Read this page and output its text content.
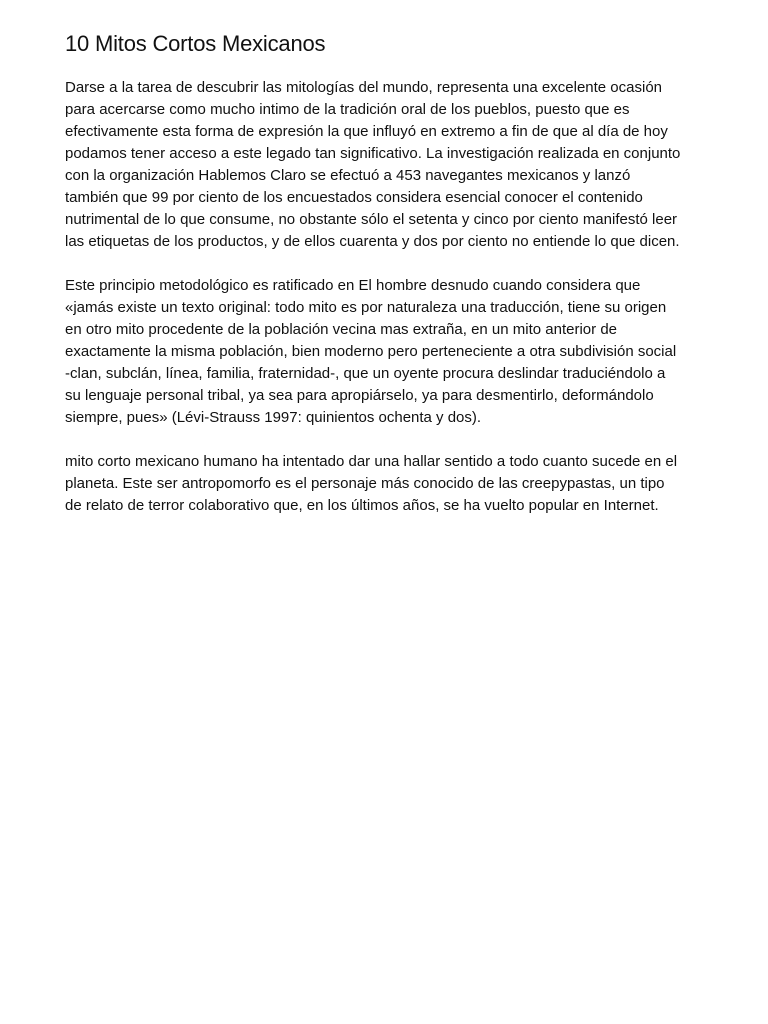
10 Mitos Cortos Mexicanos
Darse a la tarea de descubrir las mitologías del mundo, representa una excelente ocasión
para acercarse como mucho intimo de la tradición oral de los pueblos, puesto que es
efectivamente esta forma de expresión la que influyó en extremo a fin de que al día de hoy
podamos tener acceso a este legado tan significativo. La investigación realizada en conjunto
con la organización Hablemos Claro se efectuó a 453 navegantes mexicanos y lanzó
también que 99 por ciento de los encuestados considera esencial conocer el contenido
nutrimental de lo que consume, no obstante sólo el setenta y cinco por ciento manifestó leer
las etiquetas de los productos, y de ellos cuarenta y dos por ciento no entiende lo que dicen.
Este principio metodológico es ratificado en El hombre desnudo cuando considera que
«jamás existe un texto original: todo mito es por naturaleza una traducción, tiene su origen
en otro mito procedente de la población vecina mas extraña, en un mito anterior de
exactamente la misma población, bien moderno pero perteneciente a otra subdivisión social
-clan, subclán, línea, familia, fraternidad-, que un oyente procura deslindar traduciéndolo a
su lenguaje personal tribal, ya sea para apropiárselo, ya para desmentirlo, deformándolo
siempre, pues» (Lévi-Strauss 1997: quinientos ochenta y dos).
mito corto mexicano humano ha intentado dar una hallar sentido a todo cuanto sucede en el
planeta. Este ser antropomorfo es el personaje más conocido de las creepypastas, un tipo
de relato de terror colaborativo que, en los últimos años, se ha vuelto popular en Internet.
